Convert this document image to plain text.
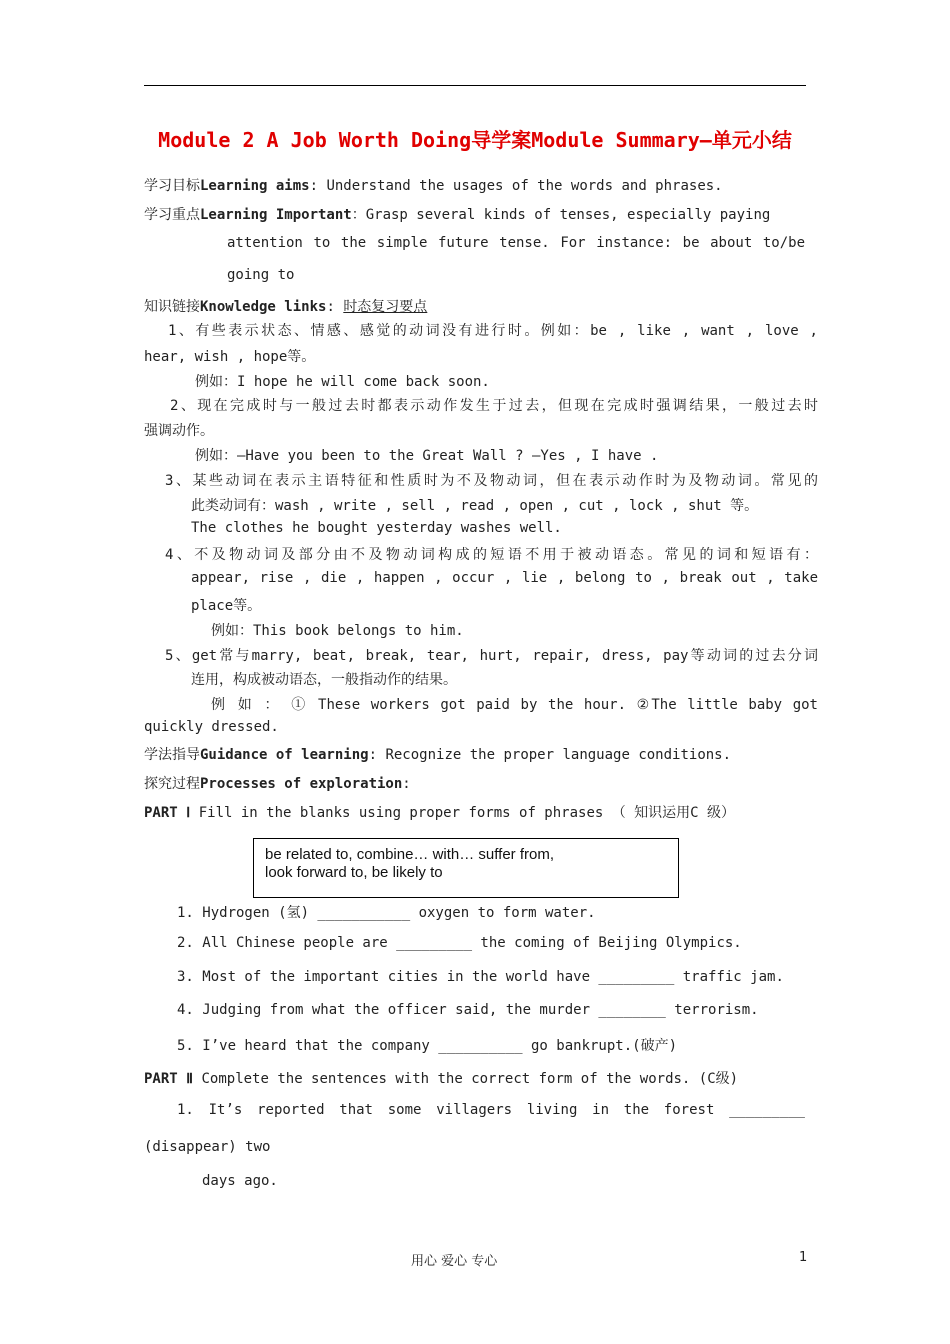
Module 2 A Job Worth Doing导学案Module Summary—单元小结
学习目标Learning aims: Understand the usages of the words and phrases.
学习重点Learning Important：Grasp several kinds of tenses, especially paying
attention to the simple future tense. For instance: be about to/be
going to
知识链接Knowledge links: 时态复习要点
1、有些表示状态、情感、感觉的动词没有进行时。例如：be , like , want , love ,
hear, wish , hope等。
例如：I hope he will come back soon.
2、现在完成时与一般过去时都表示动作发生于过去，但现在完成时强调结果，一般过去时
强调动作。
例如：—Have you been to the Great Wall ? —Yes , I have .
3、某些动词在表示主语特征和性质时为不及物动词，但在表示动作时为及物动词。常见的
此类动词有：wash , write , sell , read , open , cut , lock , shut 等。
The clothes he bought yesterday washes well.
4、不及物动词及部分由不及物动词构成的短语不用于被动语态。常见的词和短语有：
appear, rise , die , happen , occur , lie , belong to , break out , take
place等。
例如：This book belongs to him.
5、get常与marry, beat, break, tear, hurt, repair, dress, pay等动词的过去分词
连用，构成被动语态，一般指动作的结果。
例 如 ： ① These workers got paid by the hour. ②The little baby got
quickly dressed.
学法指导Guidance of learning: Recognize the proper language conditions.
探究过程Processes of exploration:
PART Ⅰ Fill in the blanks using proper forms of phrases （ 知识运用C 级）
be related to, combine… with… suffer from,
look forward to, be likely to
1. Hydrogen (氢) ___________ oxygen to form water.
2. All Chinese people are _________ the coming of Beijing Olympics.
3. Most of the important cities in the world have _________ traffic jam.
4. Judging from what the officer said, the murder ________ terrorism.
5. I’ve heard that the company __________ go bankrupt.(破产)
PART Ⅱ Complete the sentences with the correct form of the words. (C级)
1. It’s reported that some villagers living in the forest _________
(disappear) two
days ago.
用心 爱心 专心	1
